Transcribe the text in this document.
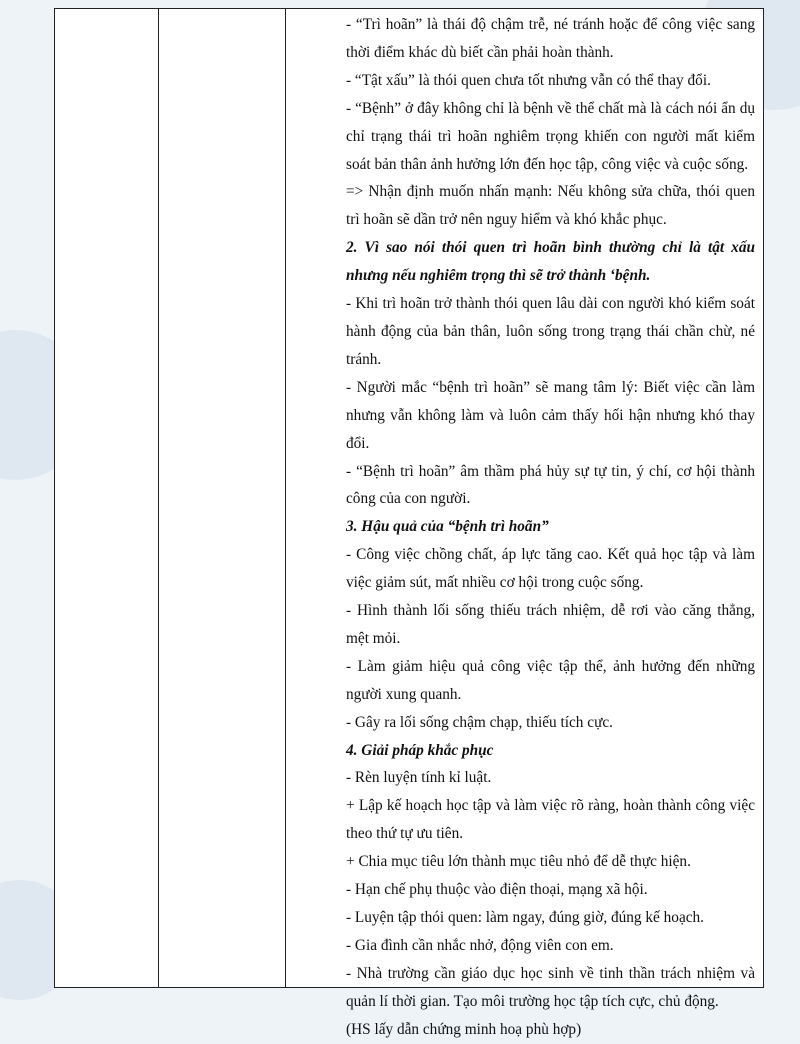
- “Trì hoãn” là thái độ chậm trễ, né tránh hoặc để công việc sang thời điểm khác dù biết cần phải hoàn thành.

- “Tật xấu” là thói quen chưa tốt nhưng vẫn có thể thay đổi.

- “Bệnh” ở đây không chỉ là bệnh về thể chất mà là cách nói ẩn dụ chỉ trạng thái trì hoãn nghiêm trọng khiến con người mất kiểm soát bản thân ảnh hưởng lớn đến học tập, công việc và cuộc sống.

=> Nhận định muốn nhấn mạnh: Nếu không sửa chữa, thói quen trì hoãn sẽ dần trở nên nguy hiểm và khó khắc phục.

2. Vì sao nói thói quen trì hoãn bình thường chỉ là tật xấu nhưng nếu nghiêm trọng thì sẽ trở thành ‘bệnh.

- Khi trì hoãn trở thành thói quen lâu dài con người khó kiểm soát hành động của bản thân, luôn sống trong trạng thái chần chừ, né tránh.

- Người mắc “bệnh trì hoãn” sẽ mang tâm lý: Biết việc cần làm nhưng vẫn không làm và luôn cảm thấy hối hận nhưng khó thay đổi.

- “Bệnh trì hoãn” âm thầm phá hủy sự tự tin, ý chí, cơ hội thành công của con người.

3. Hậu quả của “bệnh trì hoãn”

- Công việc chồng chất, áp lực tăng cao. Kết quả học tập và làm việc giảm sút, mất nhiều cơ hội trong cuộc sống.

- Hình thành lối sống thiếu trách nhiệm, dễ rơi vào căng thẳng, mệt mỏi.

- Làm giảm hiệu quả công việc tập thể, ảnh hưởng đến những người xung quanh.

- Gây ra lối sống chậm chạp, thiếu tích cực.

4. Giải pháp khắc phục

- Rèn luyện tính kỉ luật.

+ Lập kế hoạch học tập và làm việc rõ ràng, hoàn thành công việc theo thứ tự ưu tiên.

+ Chia mục tiêu lớn thành mục tiêu nhỏ để dễ thực hiện.

- Hạn chế phụ thuộc vào điện thoại, mạng xã hội.

- Luyện tập thói quen: làm ngay, đúng giờ, đúng kế hoạch.

- Gia đình cần nhắc nhở, động viên con em.

- Nhà trường cần giáo dục học sinh về tinh thần trách nhiệm và quản lí thời gian. Tạo môi trường học tập tích cực, chủ động.

(HS lấy dẫn chứng minh hoạ phù hợp)
